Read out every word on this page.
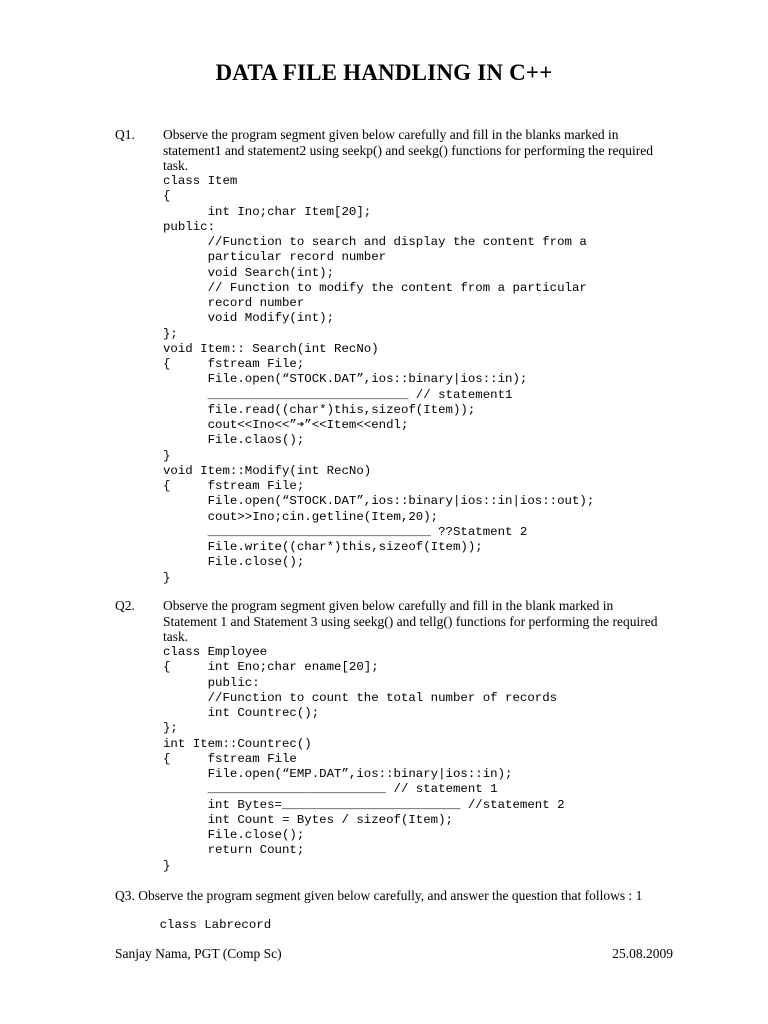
DATA FILE HANDLING IN C++
Q1. Observe the program segment given below carefully and fill in the blanks marked in statement1 and statement2 using seekp() and seekg() functions for performing the required task.
class Item
{
int Ino;char Item[20];
public:
//Function to search and display the content from a
particular record number
void Search(int);
// Function to modify the content from a particular
record number
void Modify(int);
};
void Item:: Search(int RecNo)
{     fstream File;
File.open(“STOCK.DAT”,ios::binary|ios::in);
___________________________ // statement1
file.read((char*)this,sizeof(Item));
cout<<Ino<<”➔”<<Item<<endl;
File.claos();
}
void Item::Modify(int RecNo)
{     fstream File;
File.open(“STOCK.DAT”,ios::binary|ios::in|ios::out);
cout>>Ino;cin.getline(Item,20);
______________________________ ??Statment 2
File.write((char*)this,sizeof(Item));
File.close();
}
Q2. Observe the program segment given below carefully and fill in the blank marked in Statement 1 and Statement 3 using seekg() and tellg() functions for performing the required task.
class Employee
{     int Eno;char ename[20];
public:
//Function to count the total number of records
int Countrec();
};
int Item::Countrec()
{     fstream File
File.open(“EMP.DAT”,ios::binary|ios::in);
________________________ // statement 1
int Bytes=________________________ //statement 2
int Count = Bytes / sizeof(Item);
File.close();
return Count;
}
Q3. Observe the program segment given below carefully, and answer the question that follows : 1
class Labrecord
Sanjay Nama, PGT (Comp Sc)	25.08.2009
